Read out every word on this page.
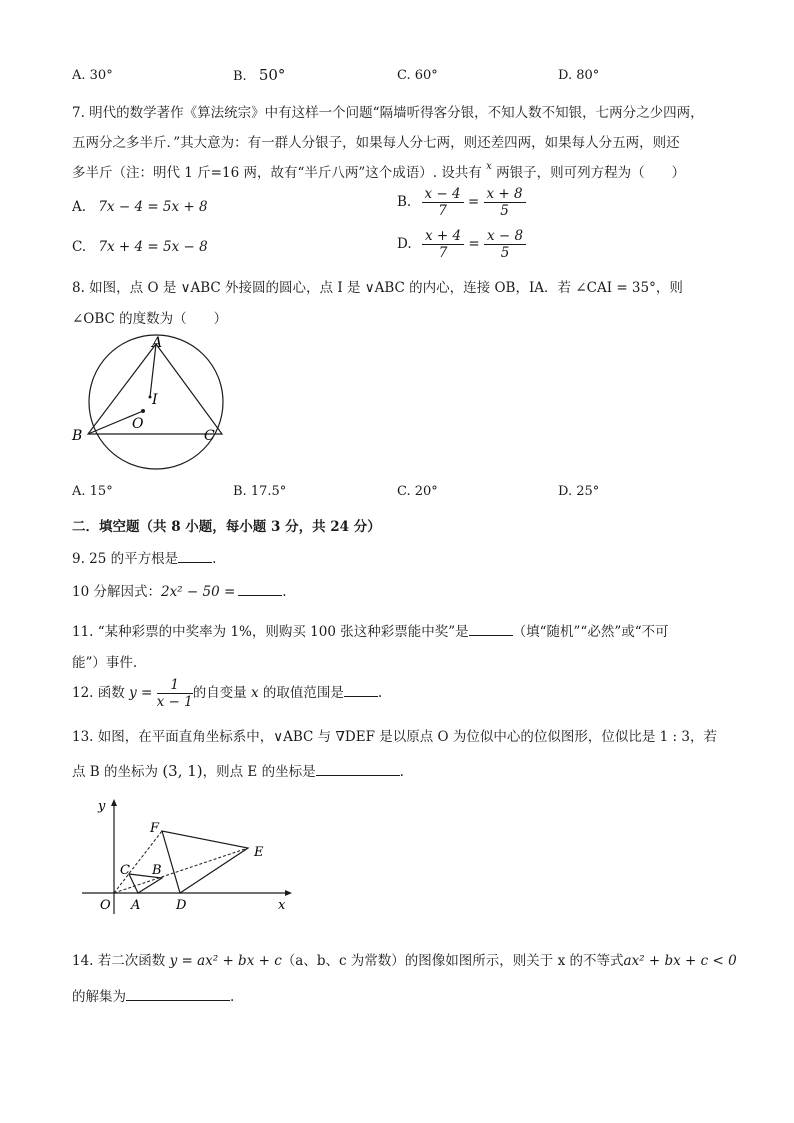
A. 30°	B. 50°	C. 60°	D. 80°
7. 明代的数学著作《算法统宗》中有这样一个问题“隔墙听得客分银，不知人数不知银，七两分之少四两，
五两分之多半斤．”其大意为：有一群人分银子，如果每人分七两，则还差四两，如果每人分五两，则还
多半斤（注：明代 1 斤=16 两，故有“半斤八两”这个成语）. 设共有 $^x$ 两银子，则可列方程为（　　）
A. 7x − 4 = 5x + 8	B. $\frac{x - 4}{7} = \frac{x + 8}{5}$
C. 7x + 4 = 5x − 8	D. $\frac{x + 4}{7} = \frac{x - 8}{5}$
8. 如图，点 O 是 ∨ABC 外接圆的圆心，点 I 是 ∨ABC 的内心，连接 OB，IA．若 ∠CAI = 35°，则
∠OBC 的度数为（　　）
A
B	C
O
I
A. 15°	B. 17.5°	C. 20°	D. 25°
二．填空题（共 8 小题，每小题 3 分，共 24 分）
9. 25 的平方根是	.
10 分解因式：2x² − 50 =	.
11. “某种彩票的中奖率为 1%，则购买 100 张这种彩票能中奖”是	（填“随机”“必然”或“不可
能”）事件.
12. 函数 $y = \frac{1}{x - 1}$ 的自变量 x 的取值范围是	.
13. 如图，在平面直角坐标系中，∨ABC 与 ∇DEF 是以原点 O 为位似中心的位似图形，位似比是 1 : 3，若
点 B 的坐标为 (3, 1)，则点 E 的坐标是	.
y
x
O A
B
C
D
E
F
14. 若二次函数 y = ax² + bx + c（a、b、c 为常数）的图像如图所示，则关于 x 的不等式ax² + bx + c < 0
的解集为	.
